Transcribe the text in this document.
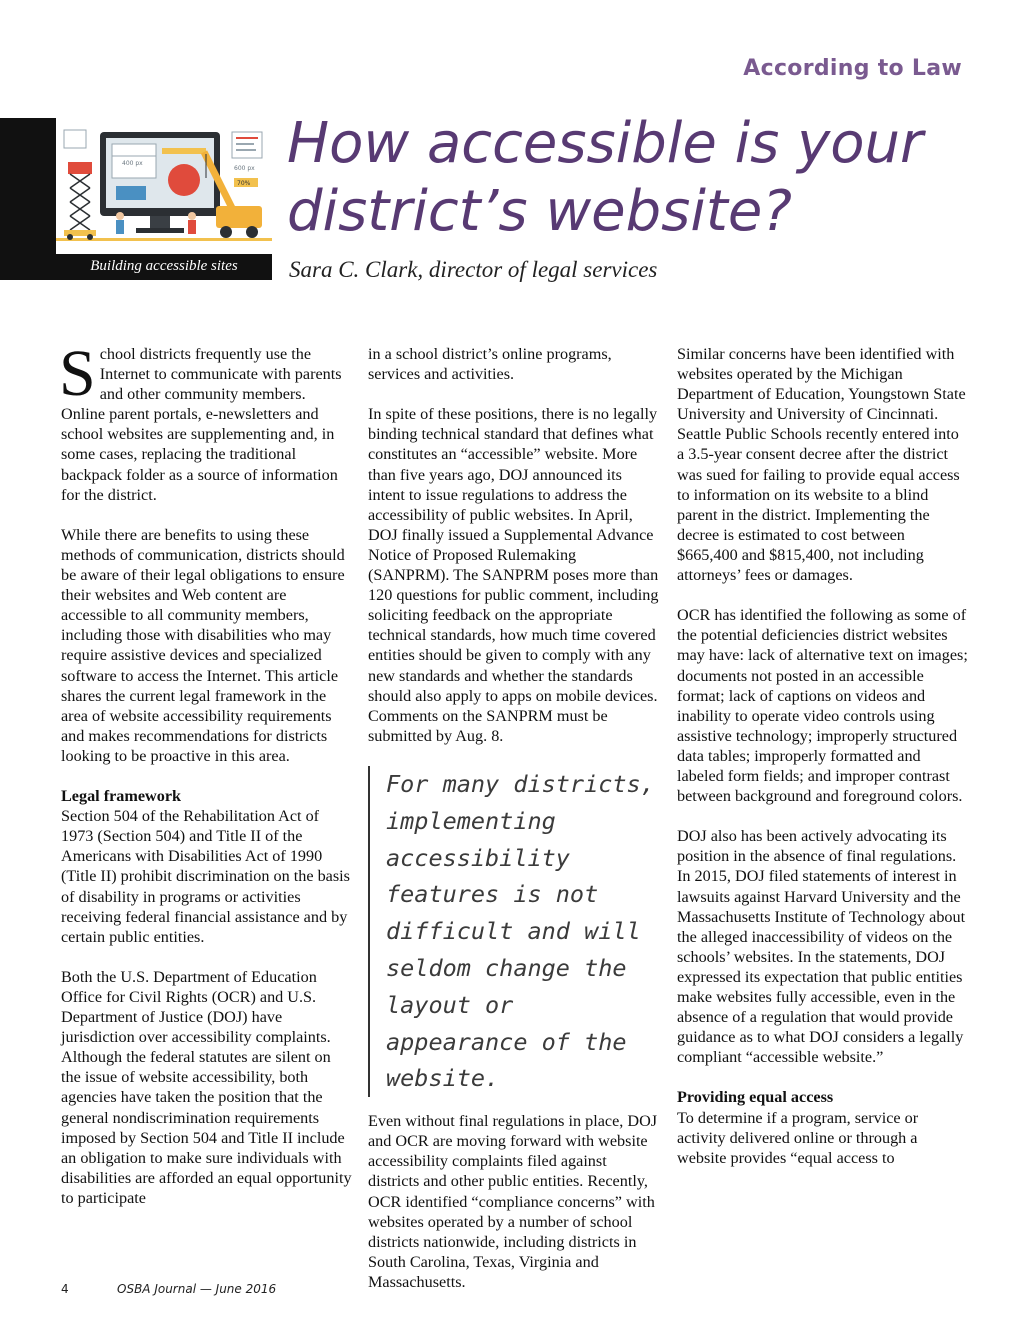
According to Law
400 px
70%
600 px
Building accessible sites
How accessible is your district’s website?
Sara C. Clark, director of legal services

School districts frequently use the Internet to communicate with parents and other community members. Online parent portals, e-newsletters and school websites are supplementing and, in some cases, replacing the traditional backpack folder as a source of information for the district.

While there are benefits to using these methods of communication, districts should be aware of their legal obligations to ensure their websites and Web content are accessible to all community members, including those with disabilities who may require assistive devices and specialized software to access the Internet. This article shares the current legal framework in the area of website accessibility requirements and makes recommendations for districts looking to be proactive in this area.

Legal framework
Section 504 of the Rehabilitation Act of 1973 (Section 504) and Title II of the Americans with Disabilities Act of 1990 (Title II) prohibit discrimination on the basis of disability in programs or activities receiving federal financial assistance and by certain public entities.

Both the U.S. Department of Education Office for Civil Rights (OCR) and U.S. Department of Justice (DOJ) have jurisdiction over accessibility complaints. Although the federal statutes are silent on the issue of website accessibility, both agencies have taken the position that the general nondiscrimination requirements imposed by Section 504 and Title II include an obligation to make sure individuals with disabilities are afforded an equal opportunity to participate

in a school district’s online programs, services and activities.

In spite of these positions, there is no legally binding technical standard that defines what constitutes an “accessible” website. More than five years ago, DOJ announced its intent to issue regulations to address the accessibility of public websites. In April, DOJ finally issued a Supplemental Advance Notice of Proposed Rulemaking (SANPRM). The SANPRM poses more than 120 questions for public comment, including soliciting feedback on the appropriate technical standards, how much time covered entities should be given to comply with any new standards and whether the standards should also apply to apps on mobile devices. Comments on the SANPRM must be submitted by Aug. 8.

For many districts, implementing accessibility features is not difficult and will seldom change the layout or appearance of the website.

Even without final regulations in place, DOJ and OCR are moving forward with website accessibility complaints filed against districts and other public entities. Recently, OCR identified “compliance concerns” with websites operated by a number of school districts nationwide, including districts in South Carolina, Texas, Virginia and Massachusetts.

Similar concerns have been identified with websites operated by the Michigan Department of Education, Youngstown State University and University of Cincinnati. Seattle Public Schools recently entered into a 3.5-year consent decree after the district was sued for failing to provide equal access to information on its website to a blind parent in the district. Implementing the decree is estimated to cost between $665,400 and $815,400, not including attorneys’ fees or damages.

OCR has identified the following as some of the potential deficiencies district websites may have: lack of alternative text on images; documents not posted in an accessible format; lack of captions on videos and inability to operate video controls using assistive technology; improperly structured data tables; improperly formatted and labeled form fields; and improper contrast between background and foreground colors.

DOJ also has been actively advocating its position in the absence of final regulations. In 2015, DOJ filed statements of interest in lawsuits against Harvard University and the Massachusetts Institute of Technology about the alleged inaccessibility of videos on the schools’ websites. In the statements, DOJ expressed its expectation that public entities make websites fully accessible, even in the absence of a regulation that would provide guidance as to what DOJ considers a legally compliant “accessible website.”

Providing equal access
To determine if a program, service or activity delivered online or through a website provides “equal access to

4	OSBA Journal — June 2016
